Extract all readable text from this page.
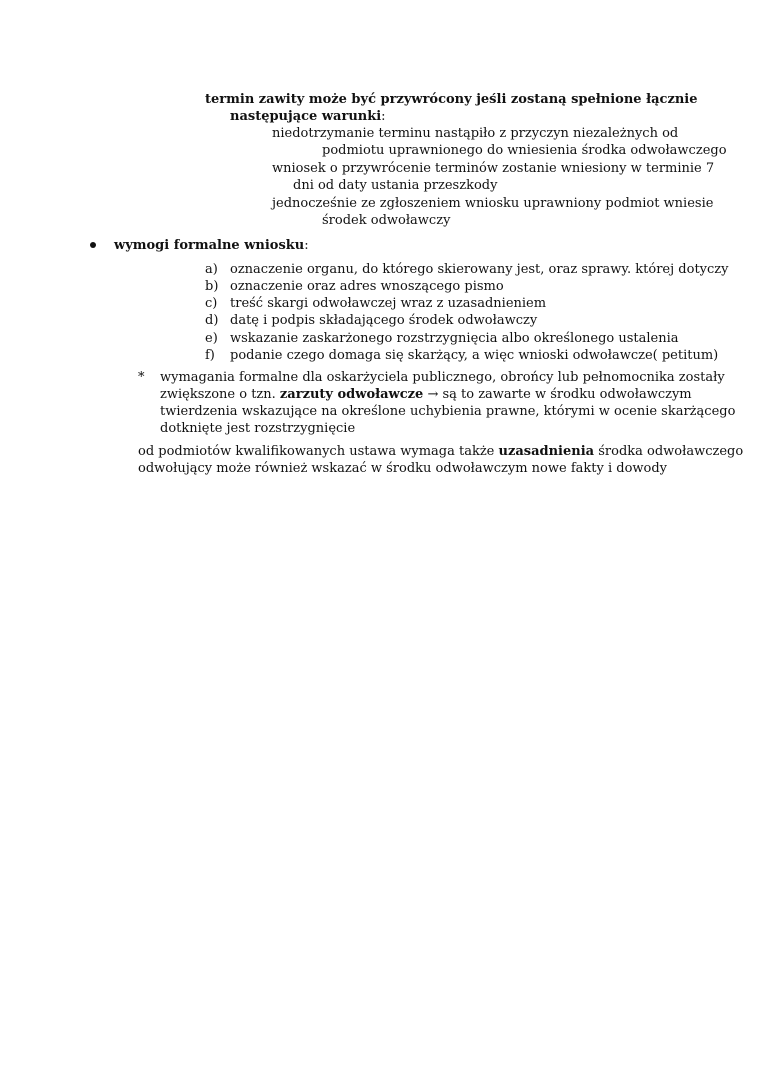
termin zawity może być przywrócony jeśli zostaną spełnione łącznie
następujące warunki:
niedotrzymanie terminu nastąpiło z przyczyn niezależnych od
podmiotu uprawnionego do wniesienia środka odwoławczego
wniosek o przywrócenie terminów zostanie wniesiony w terminie 7
dni od daty ustania przeszkody
jednocześnie ze zgłoszeniem wniosku uprawniony podmiot wniesie
środek odwoławczy
wymogi formalne wniosku:
a) oznaczenie organu, do którego skierowany jest, oraz sprawy. której dotyczy
b) oznaczenie oraz adres wnoszącego pismo
c) treść skargi odwoławczej wraz z uzasadnieniem
d) datę i podpis składającego środek odwoławczy
e) wskazanie zaskarżonego rozstrzygnięcia albo określonego ustalenia
f) podanie czego domaga się skarżący, a więc wnioski odwoławcze( petitum)
* wymagania formalne dla oskarżyciela publicznego, obrońcy lub pełnomocnika zostały
zwiększone o tzn. zarzuty odwoławcze → są to zawarte w środku odwoławczym
twierdzenia wskazujące na określone uchybienia prawne, którymi w ocenie skarżącego
dotknięte jest rozstrzygnięcie
od podmiotów kwalifikowanych ustawa wymaga także uzasadnienia środka odwoławczego
odwołujący może również wskazać w środku odwoławczym nowe fakty i dowody
